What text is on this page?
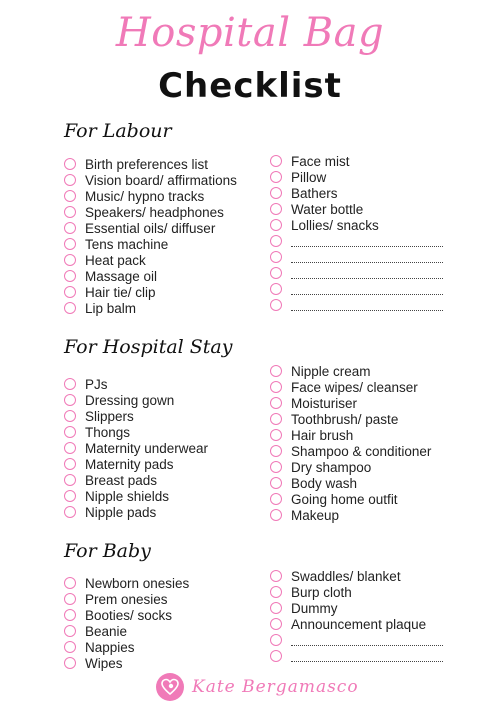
Hospital Bag
Checklist
For Labour
Birth preferences list
Vision board/ affirmations
Music/ hypno tracks
Speakers/ headphones
Essential oils/ diffuser
Tens machine
Heat pack
Massage oil
Hair tie/ clip
Lip balm
Face mist
Pillow
Bathers
Water bottle
Lollies/ snacks
For Hospital Stay
PJs
Dressing gown
Slippers
Thongs
Maternity underwear
Maternity pads
Breast pads
Nipple shields
Nipple pads
Nipple cream
Face wipes/ cleanser
Moisturiser
Toothbrush/ paste
Hair brush
Shampoo & conditioner
Dry shampoo
Body wash
Going home outfit
Makeup
For Baby
Newborn onesies
Prem onesies
Booties/ socks
Beanie
Nappies
Wipes
Swaddles/ blanket
Burp cloth
Dummy
Announcement plaque
Kate Bergamasco
